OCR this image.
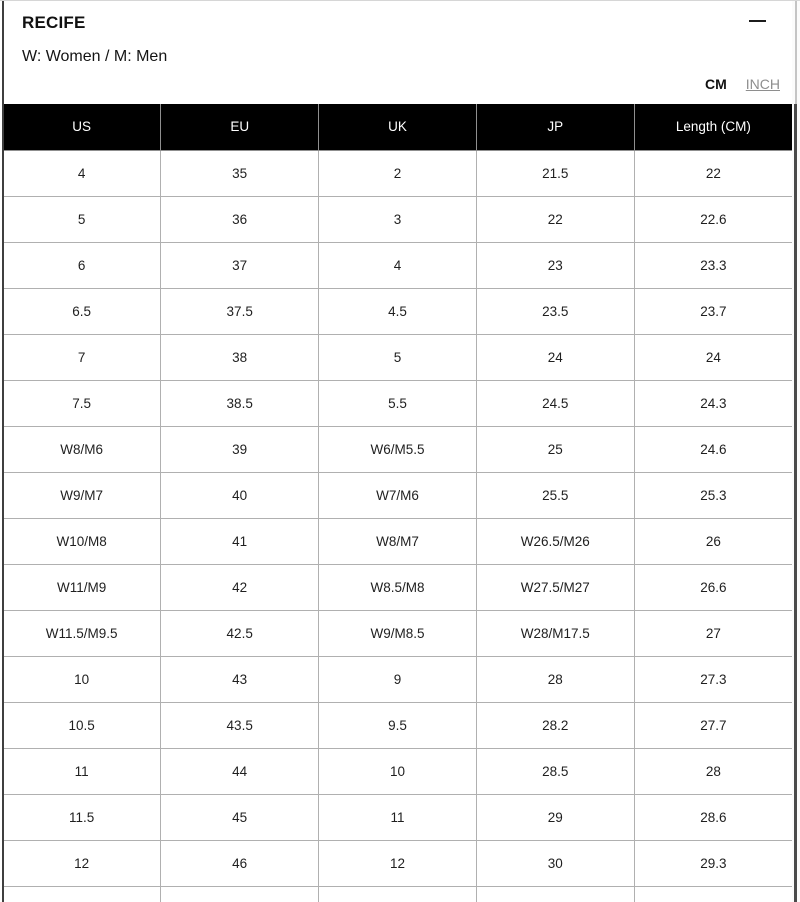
RECIFE
W: Women / M: Men
CM INCH
US	EU	UK	JP	Length (CM)
4	35	2	21.5	22
5	36	3	22	22.6
6	37	4	23	23.3
6.5	37.5	4.5	23.5	23.7
7	38	5	24	24
7.5	38.5	5.5	24.5	24.3
W8/M6	39	W6/M5.5	25	24.6
W9/M7	40	W7/M6	25.5	25.3
W10/M8	41	W8/M7	W26.5/M26	26
W11/M9	42	W8.5/M8	W27.5/M27	26.6
W11.5/M9.5	42.5	W9/M8.5	W28/M17.5	27
10	43	9	28	27.3
10.5	43.5	9.5	28.2	27.7
11	44	10	28.5	28
11.5	45	11	29	28.6
12	46	12	30	29.3
